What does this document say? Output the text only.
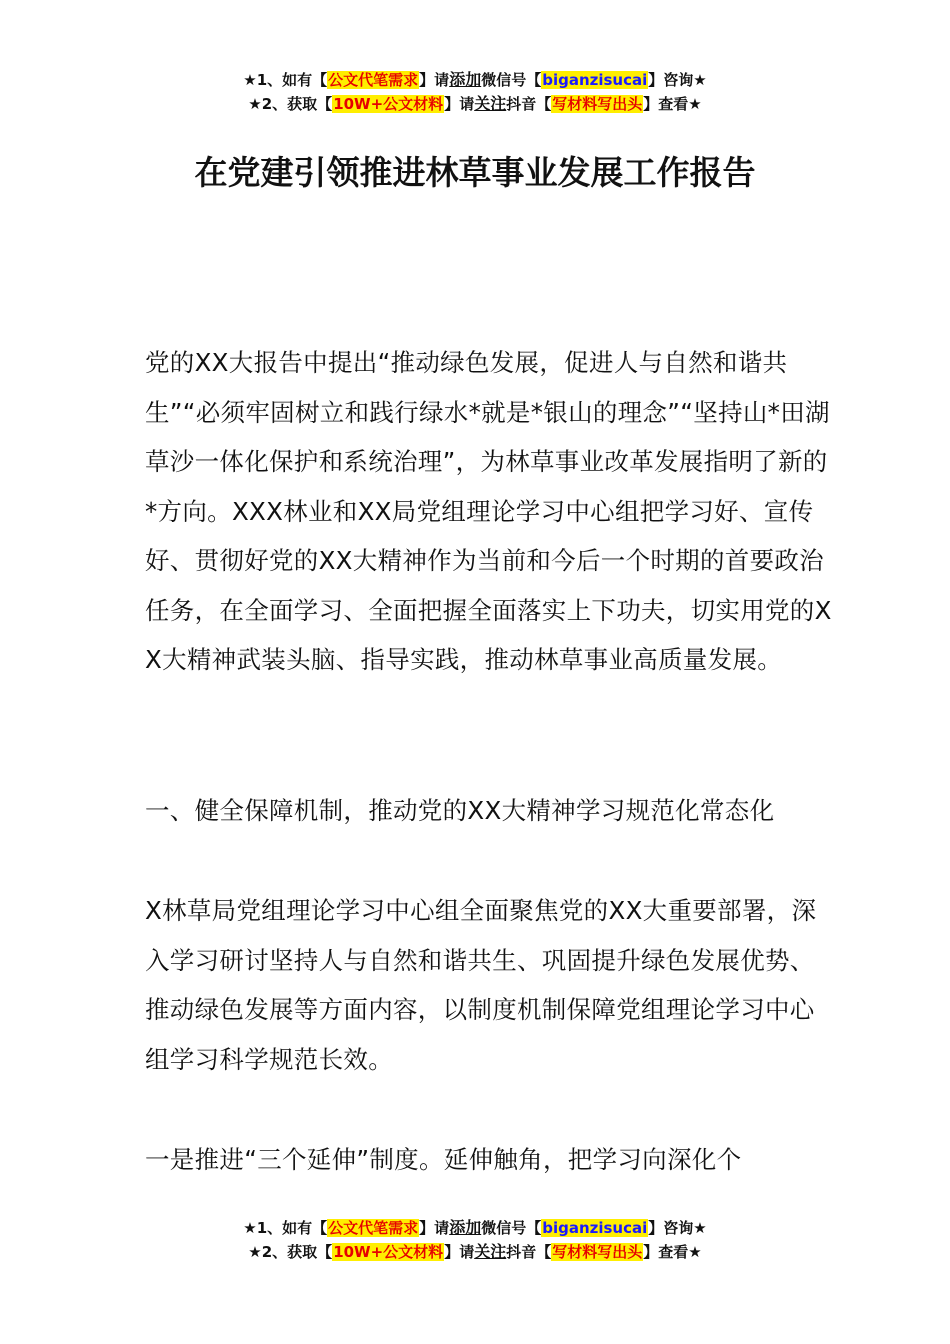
★1、如有【公文代笔需求】请添加微信号【biganzisucai】咨询★
★2、获取【10W+公文材料】请关注抖音【写材料写出头】查看★
在党建引领推进林草事业发展工作报告

党的XX大报告中提出“推动绿色发展，促进人与自然和谐共生”“必须牢固树立和践行绿水*就是*银山的理念”“坚持山*田湖草沙一体化保护和系统治理”，为林草事业改革发展指明了新的*方向。XXX林业和XX局党组理论学习中心组把学习好、宣传好、贯彻好党的XX大精神作为当前和今后一个时期的首要政治任务，在全面学习、全面把握全面落实上下功夫，切实用党的XX大精神武装头脑、指导实践，推动林草事业高质量发展。

一、健全保障机制，推动党的XX大精神学习规范化常态化

X林草局党组理论学习中心组全面聚焦党的XX大重要部署，深入学习研讨坚持人与自然和谐共生、巩固提升绿色发展优势、推动绿色发展等方面内容，以制度机制保障党组理论学习中心组学习科学规范长效。

一是推进“三个延伸”制度。延伸触角，把学习向深化个

★1、如有【公文代笔需求】请添加微信号【biganzisucai】咨询★
★2、获取【10W+公文材料】请关注抖音【写材料写出头】查看★
